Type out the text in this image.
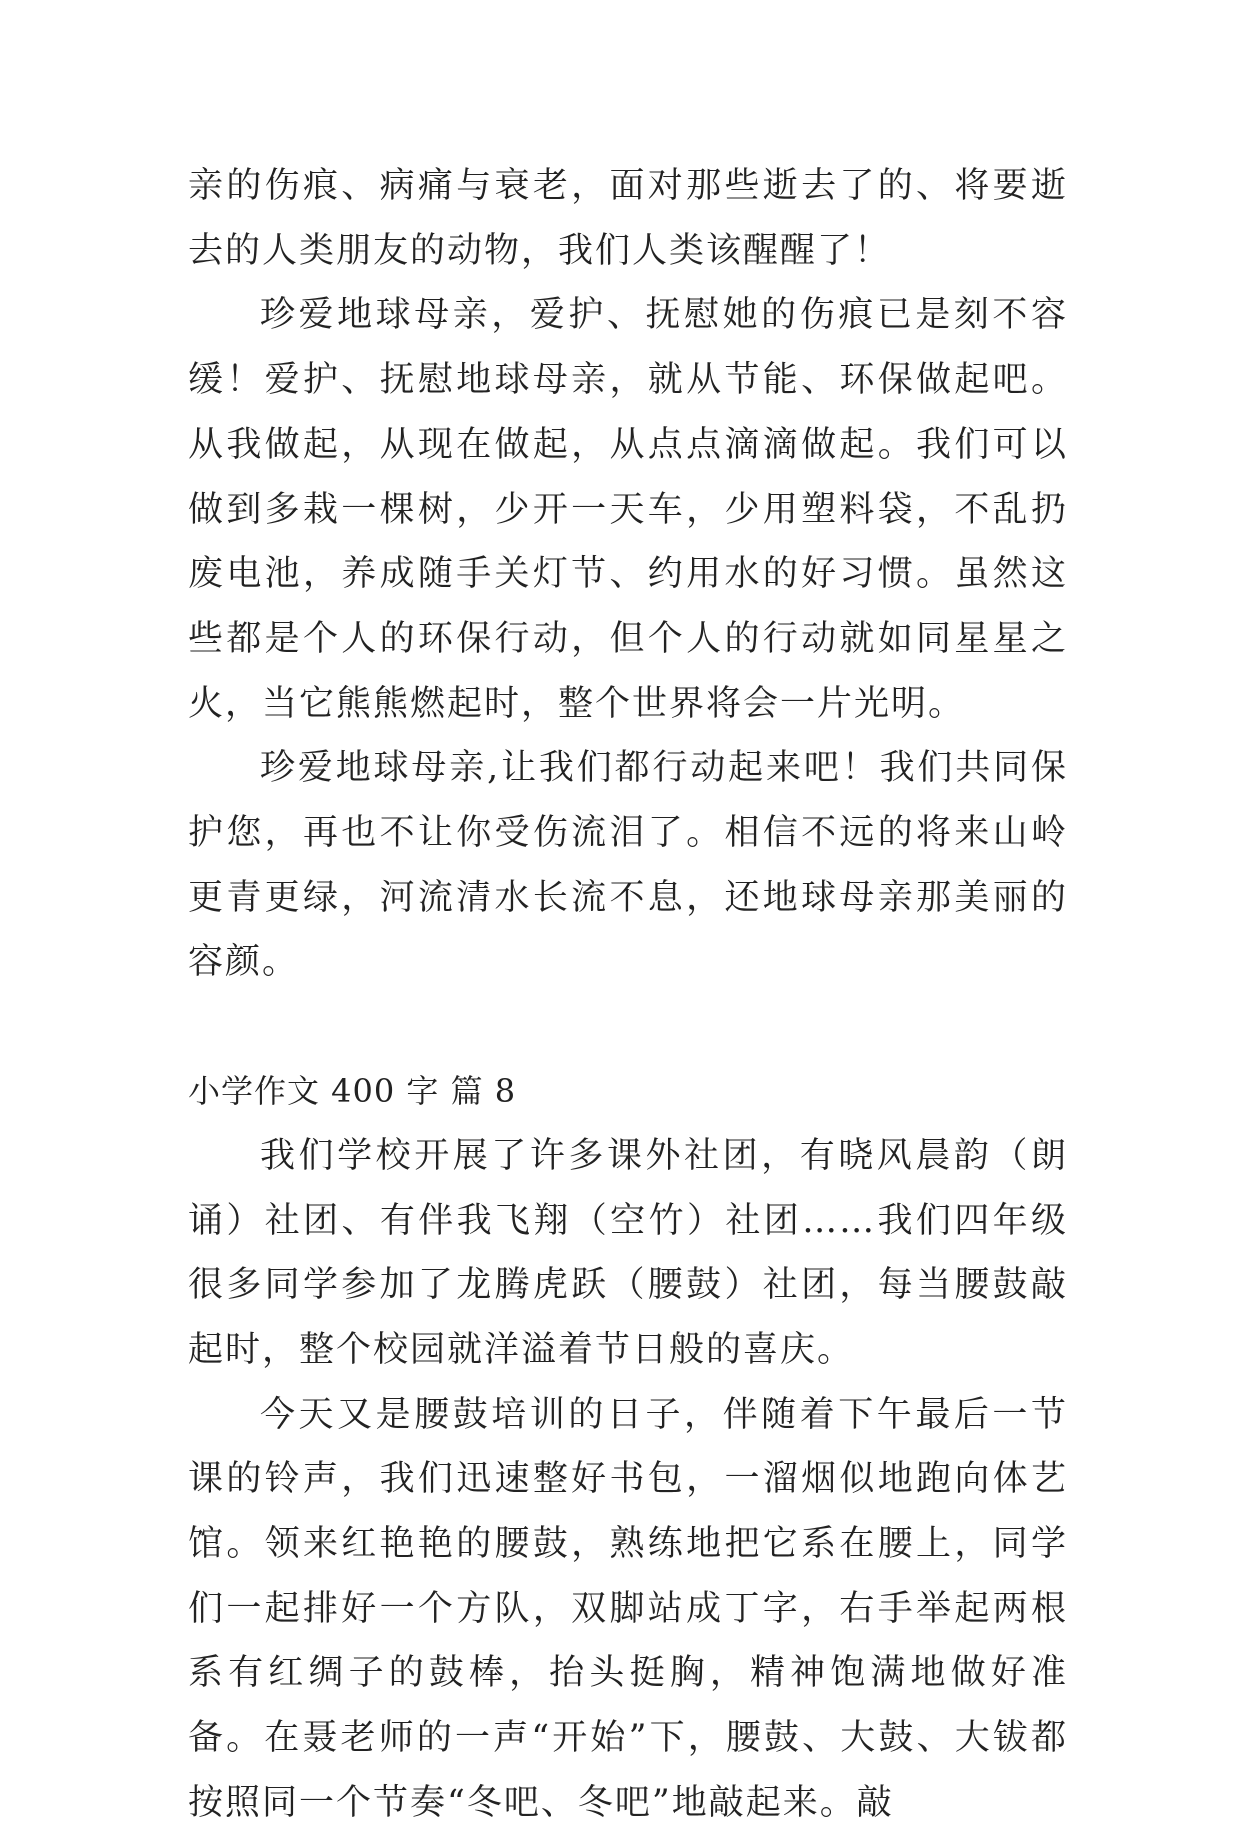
亲的伤痕、病痛与衰老，面对那些逝去了的、将要逝去的人类朋友的动物，我们人类该醒醒了！

珍爱地球母亲，爱护、抚慰她的伤痕已是刻不容缓！爱护、抚慰地球母亲，就从节能、环保做起吧。从我做起，从现在做起，从点点滴滴做起。我们可以做到多栽一棵树，少开一天车，少用塑料袋，不乱扔废电池，养成随手关灯节、约用水的好习惯。虽然这些都是个人的环保行动，但个人的行动就如同星星之火，当它熊熊燃起时，整个世界将会一片光明。

珍爱地球母亲,让我们都行动起来吧！我们共同保护您，再也不让你受伤流泪了。相信不远的将来山岭更青更绿，河流清水长流不息，还地球母亲那美丽的容颜。

小学作文 400 字 篇 8

我们学校开展了许多课外社团，有晓风晨韵（朗诵）社团、有伴我飞翔（空竹）社团……我们四年级很多同学参加了龙腾虎跃（腰鼓）社团，每当腰鼓敲起时，整个校园就洋溢着节日般的喜庆。

今天又是腰鼓培训的日子，伴随着下午最后一节课的铃声，我们迅速整好书包，一溜烟似地跑向体艺馆。领来红艳艳的腰鼓，熟练地把它系在腰上，同学们一起排好一个方队，双脚站成丁字，右手举起两根系有红绸子的鼓棒，抬头挺胸，精神饱满地做好准备。在聂老师的一声“开始”下，腰鼓、大鼓、大钹都按照同一个节奏“冬吧、冬吧”地敲起来。敲
